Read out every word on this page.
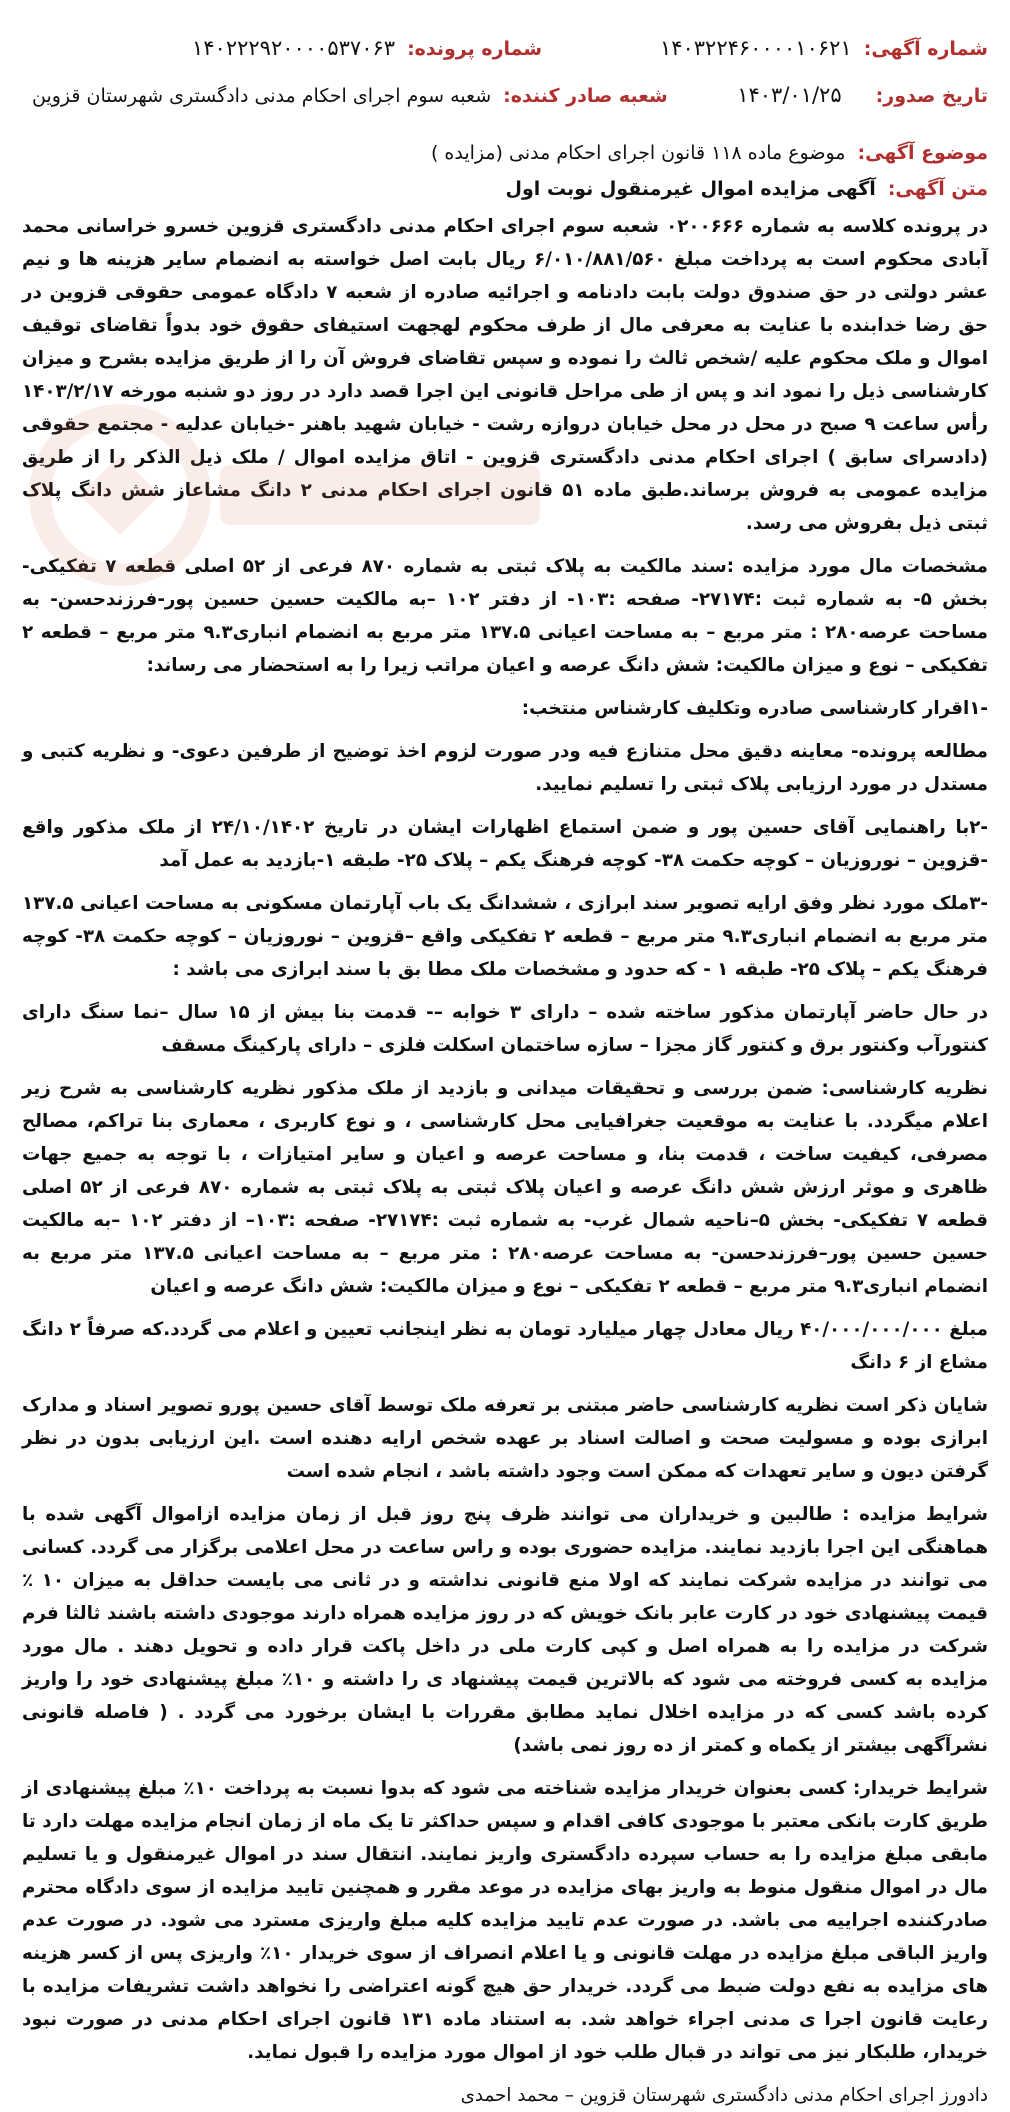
شماره آگهی: ۱۴۰۳۲۲۴۶۰۰۰۰۱۰۶۲۱
شماره پرونده: ۱۴۰۲۲۲۹۲۰۰۰۰۵۳۷۰۶۳
تاریخ صدور: ۱۴۰۳/۰۱/۲۵
شعبه صادر کننده: شعبه سوم اجرای احکام مدنی دادگستری شهرستان قزوین
موضوع آگهی: موضوع ماده ۱۱۸ قانون اجرای احکام مدنی (مزایده )
متن آگهی: آگهی مزایده اموال غیرمنقول نوبت اول

در پرونده کلاسه به شماره ۰۲۰۰۶۶۶ شعبه سوم اجرای احکام مدنی دادگستری قزوین خسرو خراسانی محمد آبادی محکوم است به پرداخت مبلغ ۶/۰۱۰/۸۸۱/۵۶۰ ریال بابت اصل خواسته به انضمام سایر هزینه ها و نیم عشر دولتی در حق صندوق دولت بابت دادنامه و اجرائیه صادره از شعبه ۷ دادگاه عمومی حقوقی قزوین در حق رضا خدابنده با عنایت به معرفی مال از طرف محکوم لهجهت استیفای حقوق خود بدواً تقاضای توقیف اموال و ملک محکوم علیه /شخص ثالث را نموده و سپس تقاضای فروش آن را از طریق مزایده بشرح و میزان کارشناسی ذیل را نمود اند و پس از طی مراحل قانونی این اجرا قصد دارد در روز دو شنبه مورخه ۱۴۰۳/۲/۱۷ رأس ساعت ۹ صبح در محل در محل خیابان دروازه رشت - خیابان شهید باهنر -خیابان عدلیه - مجتمع حقوقی (دادسرای سابق ) اجرای احکام مدنی دادگستری قزوین - اتاق مزایده اموال / ملک ذیل الذکر را از طریق مزایده عمومی به فروش برساند.طبق ماده ۵۱ قانون اجرای احکام مدنی ۲ دانگ مشاعاز شش دانگ پلاک ثبتی ذیل بفروش می رسد.

مشخصات مال مورد مزایده :سند مالکیت به پلاک ثبتی به شماره ۸۷۰ فرعی از ۵۲ اصلی قطعه ۷ تفکیکی- بخش ۵- به شماره ثبت :۲۷۱۷۴- صفحه :۱۰۳- از دفتر ۱۰۲ –به مالکیت حسین حسین پور-فرزندحسن- به مساحت عرصه۲۸۰ : متر مربع – به مساحت اعیانی ۱۳۷.۵ متر مربع به انضمام انباری۹.۳ متر مربع – قطعه ۲ تفکیکی – نوع و میزان مالکیت: شش دانگ عرصه و اعیان مراتب زیرا را به استحضار می رساند:

-۱اقرار کارشناسی صادره وتکلیف کارشناس منتخب:

مطالعه پرونده- معاینه دقیق محل متنازع فیه ودر صورت لزوم اخذ توضیح از طرفین دعوی- و نظریه کتبی و مستدل در مورد ارزیابی پلاک ثبتی را تسلیم نمایید.

-۲با راهنمایی آقای حسین پور و ضمن استماع اظهارات ایشان در تاریخ ۲۴/۱۰/۱۴۰۲ از ملک مذکور واقع -قزوین – نوروزیان – کوچه حکمت ۳۸- کوچه فرهنگ یکم – پلاک ۲۵- طبقه ۱-بازدید به عمل آمد

-۳ملک مورد نظر وفق ارایه تصویر سند ابرازی ، ششدانگ یک باب آپارتمان مسکونی به مساحت اعیانی ۱۳۷.۵ متر مربع به انضمام انباری۹.۳ متر مربع – قطعه ۲ تفکیکی واقع –قزوین – نوروزیان – کوچه حکمت ۳۸- کوچه فرهنگ یکم – پلاک ۲۵- طبقه ۱ - که حدود و مشخصات ملک مطا بق با سند ابرازی می باشد :

در حال حاضر آپارتمان مذکور ساخته شده – دارای ۳ خوابه –- قدمت بنا بیش از ۱۵ سال –نما سنگ دارای کنتورآب وکنتور برق و کنتور گاز مجزا – سازه ساختمان اسکلت فلزی – دارای پارکینگ مسقف

نظریه کارشناسی: ضمن بررسی و تحقیقات میدانی و بازدید از ملک مذکور نظریه کارشناسی به شرح زیر اعلام میگردد. با عنایت به موقعیت جغرافیایی محل کارشناسی ، و نوع کاربری ، معماری بنا تراکم، مصالح مصرفی، کیفیت ساخت ، قدمت بنا، و مساحت عرصه و اعیان و سایر امتیازات ، با توجه به جمیع جهات ظاهری و موثر ارزش شش دانگ عرصه و اعیان پلاک ثبتی به پلاک ثبتی به شماره ۸۷۰ فرعی از ۵۲ اصلی قطعه ۷ تفکیکی- بخش ۵–ناحیه شمال غرب- به شماره ثبت :۲۷۱۷۴- صفحه :۱۰۳– از دفتر ۱۰۲ –به مالکیت حسین حسین پور–فرزندحسن- به مساحت عرصه۲۸۰ : متر مربع – به مساحت اعیانی ۱۳۷.۵ متر مربع به انضمام انباری۹.۳ متر مربع – قطعه ۲ تفکیکی – نوع و میزان مالکیت: شش دانگ عرصه و اعیان

مبلغ ۴۰/۰۰۰/۰۰۰/۰۰۰ ریال معادل چهار میلیارد تومان به نظر اینجانب تعیین و اعلام می گردد.که صرفاً ۲ دانگ مشاع از ۶ دانگ

شایان ذکر است نظریه کارشناسی حاضر مبتنی بر تعرفه ملک توسط آقای حسین پورو تصویر اسناد و مدارک ابرازی بوده و مسولیت صحت و اصالت اسناد بر عهده شخص ارایه دهنده است .این ارزیابی بدون در نظر گرفتن دیون و سایر تعهدات که ممکن است وجود داشته باشد ، انجام شده است

شرایط مزایده : طالبین و خریداران می توانند ظرف پنج روز قبل از زمان مزایده ازاموال آگهی شده با هماهنگی این اجرا بازدید نمایند. مزایده حضوری بوده و راس ساعت در محل اعلامی برگزار می گردد. کسانی می توانند در مزایده شرکت نمایند که اولا منع قانونی نداشته و در ثانی می بایست حداقل به میزان ۱۰ ٪ قیمت پیشنهادی خود در کارت عابر بانک خویش که در روز مزایده همراه دارند موجودی داشته باشند ثالثا فرم شرکت در مزایده را به همراه اصل و کپی کارت ملی در داخل پاکت قرار داده و تحویل دهند . مال مورد مزایده به کسی فروخته می شود که بالاترین قیمت پیشنهاد ی را داشته و ۱۰٪ مبلغ پیشنهادی خود را واریز کرده باشد کسی که در مزایده اخلال نماید مطابق مقررات با ایشان برخورد می گردد . ( فاصله قانونی نشرآگهی بیشتر از یکماه و کمتر از ده روز نمی باشد)

شرایط خریدار: کسی بعنوان خریدار مزایده شناخته می شود که بدوا نسبت به پرداخت ۱۰٪ مبلغ پیشنهادی از طریق کارت بانکی معتبر با موجودی کافی اقدام و سپس حداکثر تا یک ماه از زمان انجام مزایده مهلت دارد تا مابقی مبلغ مزایده را به حساب سپرده دادگستری واریز نمایند. انتقال سند در اموال غیرمنقول و یا تسلیم مال در اموال منقول منوط به واریز بهای مزایده در موعد مقرر و همچنین تایید مزایده از سوی دادگاه محترم صادرکننده اجراییه می باشد. در صورت عدم تایید مزایده کلیه مبلغ واریزی مسترد می شود. در صورت عدم واریز الباقی مبلغ مزایده در مهلت قانونی و یا اعلام انصراف از سوی خریدار ۱۰٪ واریزی پس از کسر هزینه های مزایده به نفع دولت ضبط می گردد. خریدار حق هیچ گونه اعتراضی را نخواهد داشت تشریفات مزایده با رعایت قانون اجرا ی مدنی اجراء خواهد شد. به استناد ماده ۱۳۱ قانون اجرای احکام مدنی در صورت نبود خریدار، طلبکار نیز می تواند در قبال طلب خود از اموال مورد مزایده را قبول نماید.

دادورز اجرای احکام مدنی دادگستری شهرستان قزوین – محمد احمدی
